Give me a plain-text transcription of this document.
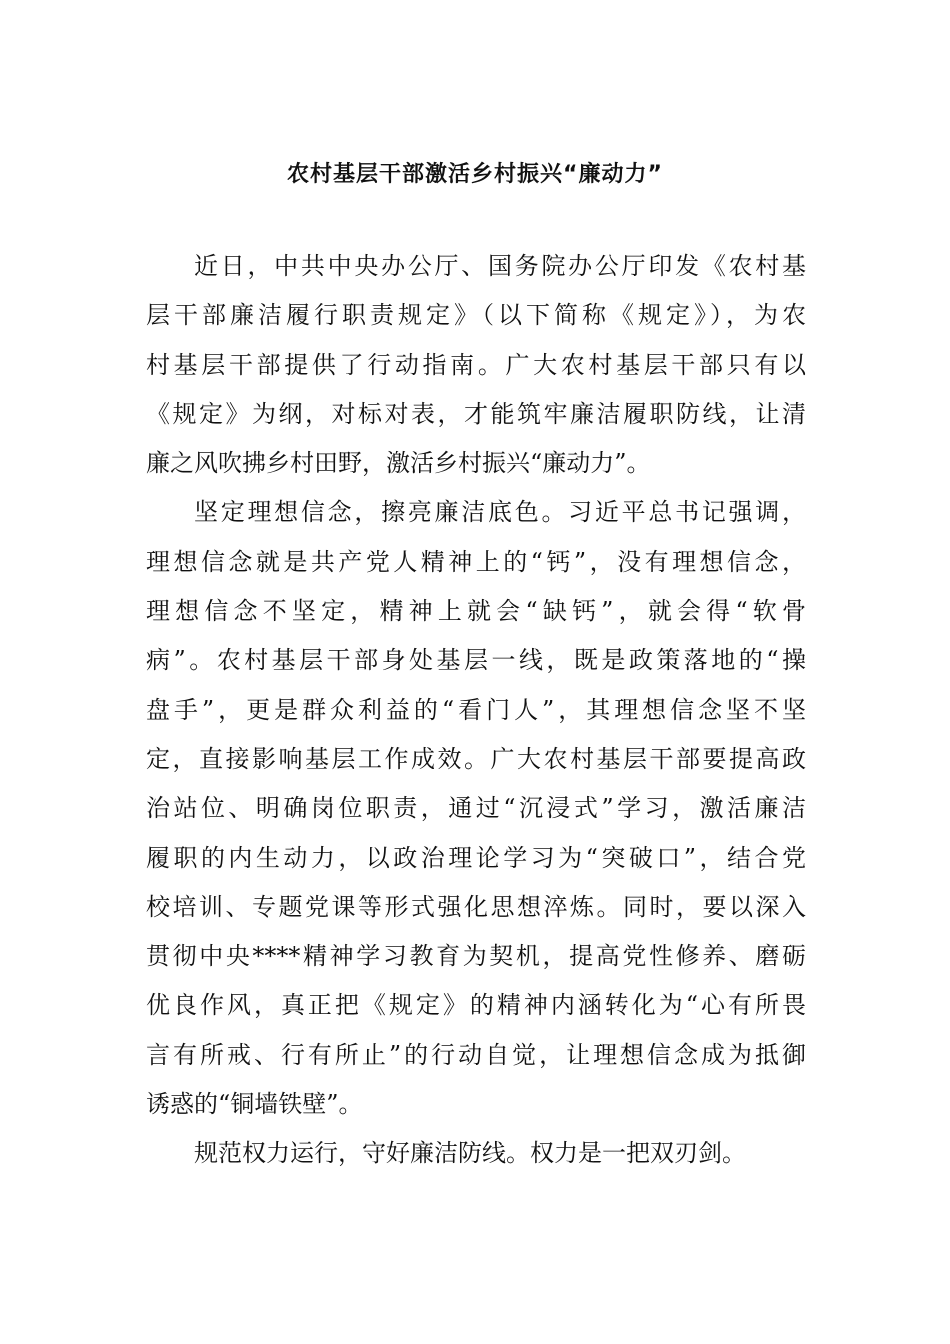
农村基层干部激活乡村振兴“廉动力”
近日，中共中央办公厅、国务院办公厅印发《农村基
层干部廉洁履行职责规定》（以下简称《规定》），为农
村基层干部提供了行动指南。广大农村基层干部只有以
《规定》为纲，对标对表，才能筑牢廉洁履职防线，让清
廉之风吹拂乡村田野，激活乡村振兴“廉动力”。
坚定理想信念，擦亮廉洁底色。习近平总书记强调，
理想信念就是共产党人精神上的“钙”，没有理想信念，
理想信念不坚定，精神上就会“缺钙”，就会得“软骨
病”。农村基层干部身处基层一线，既是政策落地的“操
盘手”，更是群众利益的“看门人”，其理想信念坚不坚
定，直接影响基层工作成效。广大农村基层干部要提高政
治站位、明确岗位职责，通过“沉浸式”学习，激活廉洁
履职的内生动力，以政治理论学习为“突破口”，结合党
校培训、专题党课等形式强化思想淬炼。同时，要以深入
贯彻中央****精神学习教育为契机，提高党性修养、磨砺
优良作风，真正把《规定》的精神内涵转化为“心有所畏
言有所戒、行有所止”的行动自觉，让理想信念成为抵御
诱惑的“铜墙铁壁”。
规范权力运行，守好廉洁防线。权力是一把双刃剑。
